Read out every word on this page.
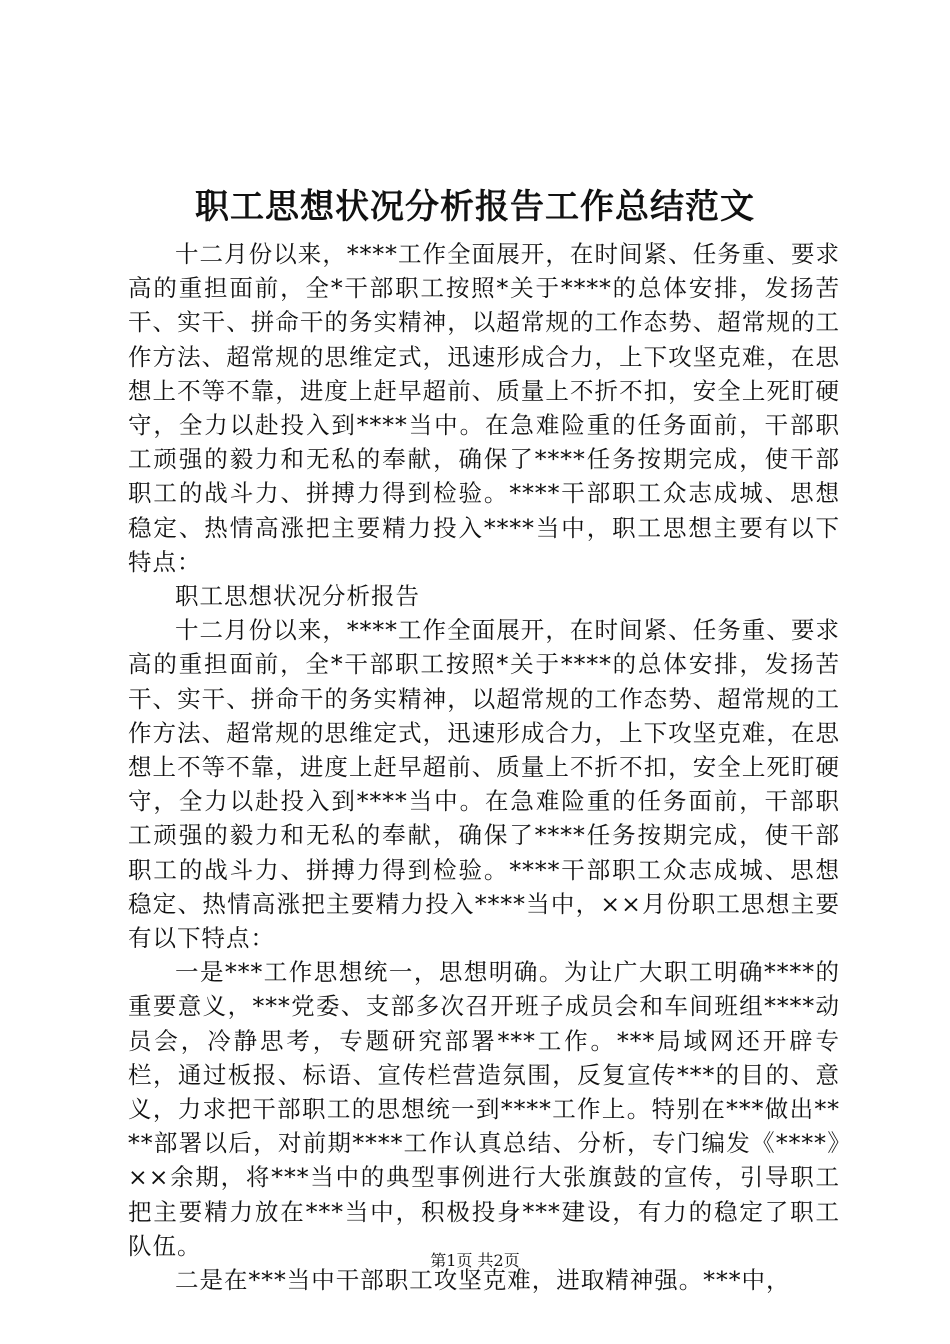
职工思想状况分析报告工作总结范文

十二月份以来，****工作全面展开，在时间紧、任务重、要求高的重担面前，全*干部职工按照*关于****的总体安排，发扬苦干、实干、拼命干的务实精神，以超常规的工作态势、超常规的工作方法、超常规的思维定式，迅速形成合力，上下攻坚克难，在思想上不等不靠，进度上赶早超前、质量上不折不扣，安全上死盯硬守，全力以赴投入到****当中。在急难险重的任务面前，干部职工顽强的毅力和无私的奉献，确保了****任务按期完成，使干部职工的战斗力、拼搏力得到检验。****干部职工众志成城、思想稳定、热情高涨把主要精力投入****当中，职工思想主要有以下特点：

职工思想状况分析报告

十二月份以来，****工作全面展开，在时间紧、任务重、要求高的重担面前，全*干部职工按照*关于****的总体安排，发扬苦干、实干、拼命干的务实精神，以超常规的工作态势、超常规的工作方法、超常规的思维定式，迅速形成合力，上下攻坚克难，在思想上不等不靠，进度上赶早超前、质量上不折不扣，安全上死盯硬守，全力以赴投入到****当中。在急难险重的任务面前，干部职工顽强的毅力和无私的奉献，确保了****任务按期完成，使干部职工的战斗力、拼搏力得到检验。****干部职工众志成城、思想稳定、热情高涨把主要精力投入****当中，××月份职工思想主要有以下特点：

一是***工作思想统一，思想明确。为让广大职工明确****的重要意义，***党委、支部多次召开班子成员会和车间班组****动员会，冷静思考，专题研究部署***工作。***局域网还开辟专栏，通过板报、标语、宣传栏营造氛围，反复宣传***的目的、意义，力求把干部职工的思想统一到****工作上。特别在***做出****部署以后，对前期****工作认真总结、分析，专门编发《****》××余期，将***当中的典型事例进行大张旗鼓的宣传，引导职工把主要精力放在***当中，积极投身***建设，有力的稳定了职工队伍。

二是在***当中干部职工攻坚克难，进取精神强。***中，

第1页 共2页
